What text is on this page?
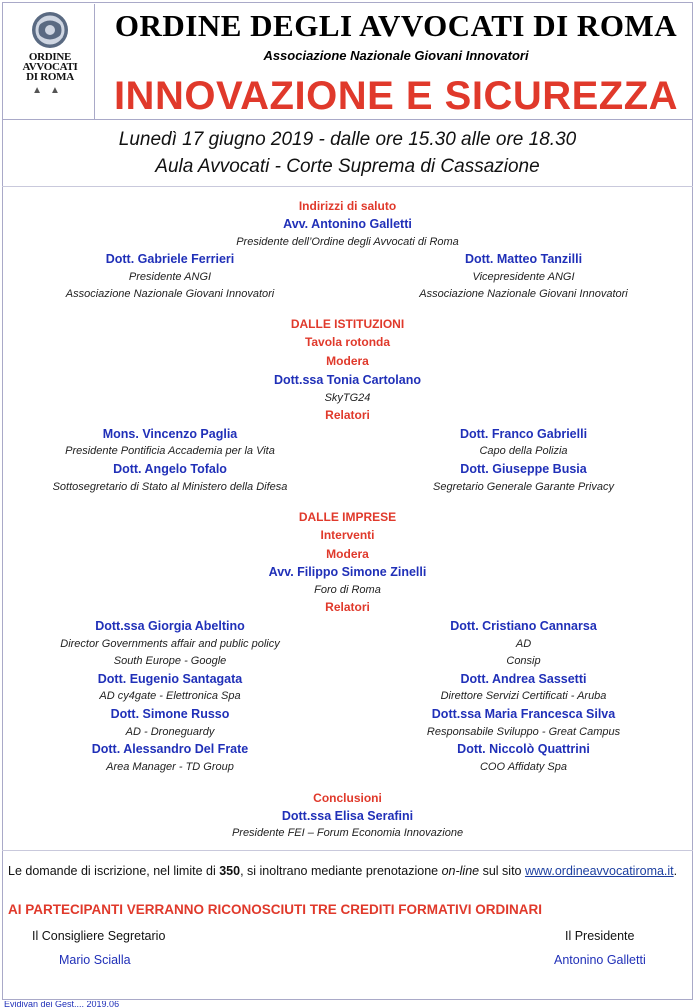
ORDINE
AVVOCATI
DI ROMA
▲▲
ORDINE DEGLI AVVOCATI DI ROMA
Associazione Nazionale Giovani Innovatori
INNOVAZIONE E SICUREZZA
Lunedì 17 giugno 2019 - dalle ore 15.30 alle ore 18.30
Aula Avvocati - Corte Suprema di Cassazione
Indirizzi di saluto
Avv. Antonino Galletti
Presidente dell’Ordine degli Avvocati di Roma
Dott. Gabriele Ferrieri
Presidente ANGI
Associazione Nazionale Giovani Innovatori
Dott. Matteo Tanzilli
Vicepresidente ANGI
Associazione Nazionale Giovani Innovatori
DALLE ISTITUZIONI
Tavola rotonda
Modera
Dott.ssa Tonia Cartolano
SkyTG24
Relatori
Mons. Vincenzo Paglia
Presidente Pontificia Accademia per la Vita
Dott. Franco Gabrielli
Capo della Polizia
Dott. Angelo Tofalo
Sottosegretario di Stato al Ministero della Difesa
Dott. Giuseppe Busia
Segretario Generale Garante Privacy
DALLE IMPRESE
Interventi
Modera
Avv. Filippo Simone Zinelli
Foro di Roma
Relatori
Dott.ssa Giorgia Abeltino
Director Governments affair and public policy
South Europe - Google
Dott. Cristiano Cannarsa
AD
Consip
Dott. Eugenio Santagata
AD cy4gate - Elettronica Spa
Dott. Andrea Sassetti
Direttore Servizi Certificati - Aruba
Dott. Simone Russo
AD - Droneguardy
Dott.ssa Maria Francesca Silva
Responsabile Sviluppo - Great Campus
Dott. Alessandro Del Frate
Area Manager - TD Group
Dott. Niccolò Quattrini
COO Affidaty Spa
Conclusioni
Dott.ssa Elisa Serafini
Presidente FEI – Forum Economia Innovazione
Le domande di iscrizione, nel limite di 350, si inoltrano mediante prenotazione on-line sul sito www.ordineavvocatiroma.it.
AI PARTECIPANTI VERRANNO RICONOSCIUTI TRE CREDITI FORMATIVI ORDINARI
Il Consigliere Segretario
Mario Scialla
Il Presidente
Antonino Galletti
Evidivan dei Gest.... 2019.06
